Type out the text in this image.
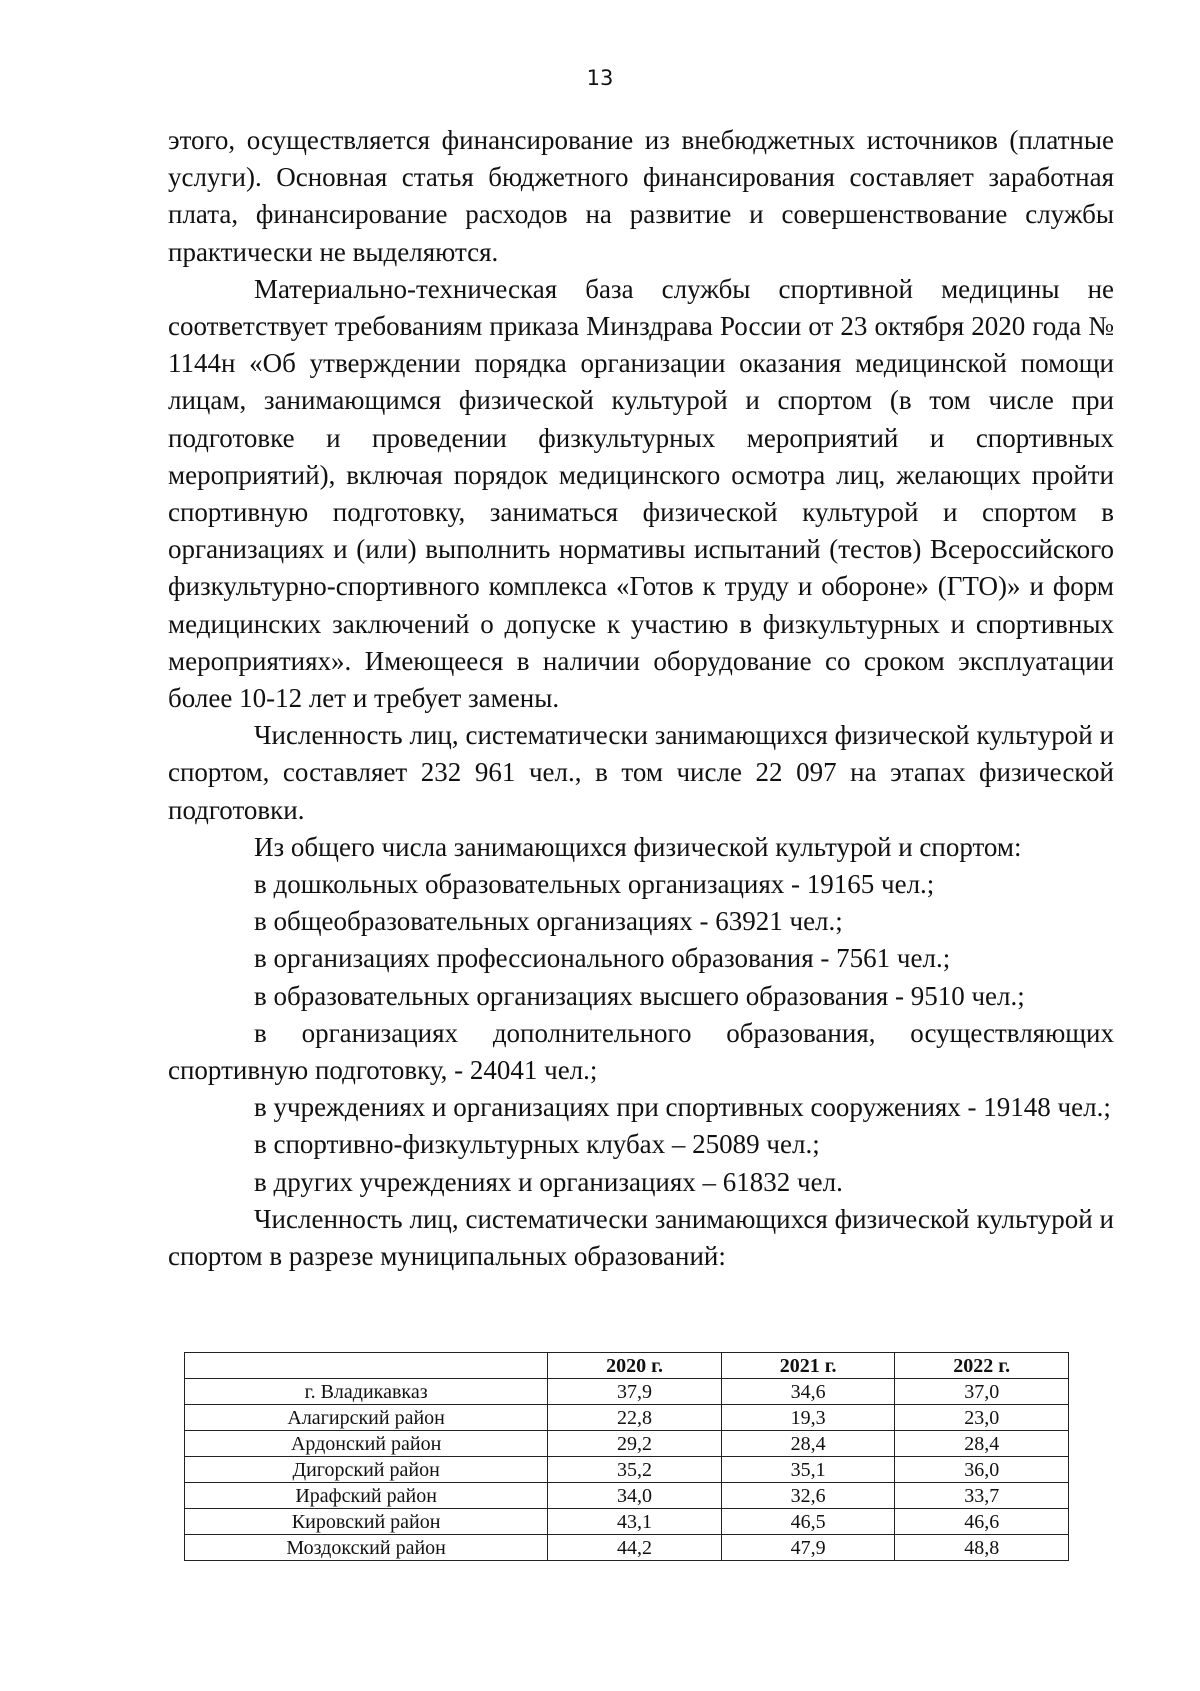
13

этого, осуществляется финансирование из внебюджетных источников (платные услуги). Основная статья бюджетного финансирования составляет заработная плата, финансирование расходов на развитие и совершенствование службы практически не выделяются.

Материально-техническая база службы спортивной медицины не соответствует требованиям приказа Минздрава России от 23 октября 2020 года № 1144н «Об утверждении порядка организации оказания медицинской помощи лицам, занимающимся физической культурой и спортом (в том числе при подготовке и проведении физкультурных мероприятий и спортивных мероприятий), включая порядок медицинского осмотра лиц, желающих пройти спортивную подготовку, заниматься физической культурой и спортом в организациях и (или) выполнить нормативы испытаний (тестов) Всероссийского физкультурно-спортивного комплекса «Готов к труду и обороне» (ГТО)» и форм медицинских заключений о допуске к участию в физкультурных и спортивных мероприятиях». Имеющееся в наличии оборудование со сроком эксплуатации более 10-12 лет и требует замены.

Численность лиц, систематически занимающихся физической культурой и спортом, составляет 232 961 чел., в том числе 22 097 на этапах физической подготовки.

Из общего числа занимающихся физической культурой и спортом:

в дошкольных образовательных организациях - 19165 чел.;

в общеобразовательных организациях - 63921 чел.;

в организациях профессионального образования - 7561 чел.;

в образовательных организациях высшего образования - 9510 чел.;

в организациях дополнительного образования, осуществляющих спортивную подготовку, - 24041 чел.;

в учреждениях и организациях при спортивных сооружениях - 19148 чел.;

в спортивно-физкультурных клубах – 25089 чел.;

в других учреждениях и организациях – 61832 чел.

Численность лиц, систематически занимающихся физической культурой и спортом в разрезе муниципальных образований:

	2020 г.	2021 г.	2022 г.
г. Владикавказ	37,9	34,6	37,0
Алагирский район	22,8	19,3	23,0
Ардонский район	29,2	28,4	28,4
Дигорский район	35,2	35,1	36,0
Ирафский район	34,0	32,6	33,7
Кировский район	43,1	46,5	46,6
Моздокский район	44,2	47,9	48,8
